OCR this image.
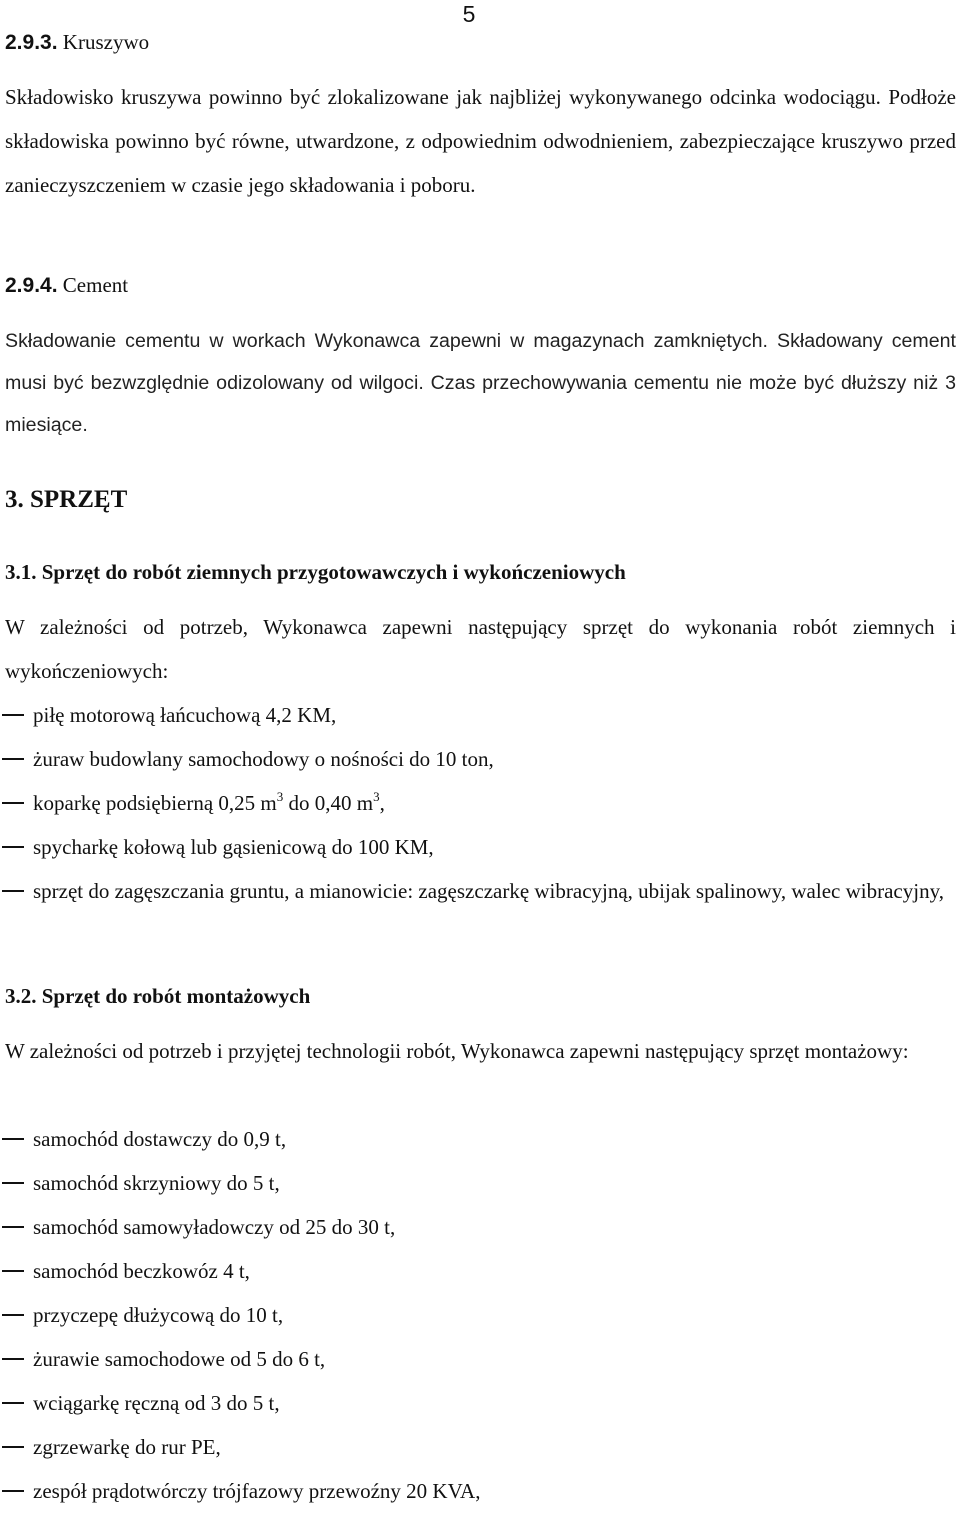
5
2.9.3. Kruszywo
Składowisko kruszywa powinno być zlokalizowane jak najbliżej wykonywanego odcinka wodociągu. Podłoże składowiska powinno być równe, utwardzone, z odpowiednim odwodnieniem, zabezpieczające kruszywo przed zanieczyszczeniem w czasie jego składowania i poboru.
2.9.4. Cement
Składowanie cementu w workach Wykonawca zapewni w magazynach zamkniętych. Składowany cement musi być bezwzględnie odizolowany od wilgoci. Czas przechowywania cementu nie może być dłuższy niż 3 miesiące.
3. SPRZĘT
3.1. Sprzęt do robót ziemnych przygotowawczych i wykończeniowych
W zależności od potrzeb, Wykonawca zapewni następujący sprzęt do wykonania robót ziemnych i wykończeniowych:
piłę motorową łańcuchową 4,2 KM,
żuraw budowlany samochodowy o nośności do 10 ton,
koparkę podsiębierną 0,25 $m^3$ do 0,40 $m^3$,
spycharkę kołową lub gąsienicową do 100 KM,
sprzęt do zagęszczania gruntu, a mianowicie: zagęszczarkę wibracyjną, ubijak spalinowy, walec wibracyjny,
3.2. Sprzęt do robót montażowych
W zależności od potrzeb i przyjętej technologii robót, Wykonawca zapewni następujący sprzęt montażowy:
samochód dostawczy do 0,9 t,
samochód skrzyniowy do 5 t,
samochód samowyładowczy od 25 do 30 t,
samochód beczkowóz 4 t,
przyczepę dłużycową do 10 t,
żurawie samochodowe od 5 do 6 t,
wciągarkę ręczną od 3 do 5 t,
zgrzewarkę do rur PE,
zespół prądotwórczy trójfazowy przewoźny 20 KVA,
